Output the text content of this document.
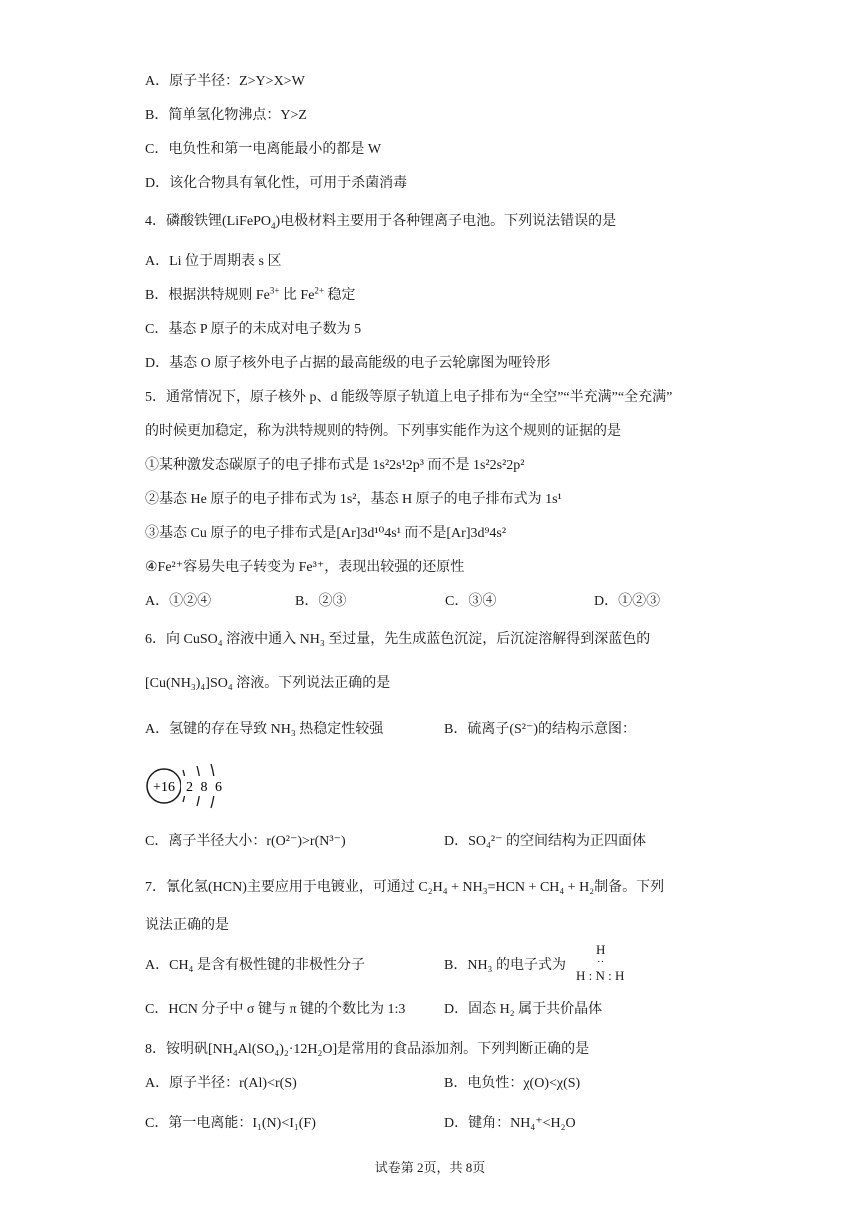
A．原子半径：Z>Y>X>W
B．简单氢化物沸点：Y>Z
C．电负性和第一电离能最小的都是 W
D．该化合物具有氧化性，可用于杀菌消毒
4．磷酸铁锂(LiFePO$_4$)电极材料主要用于各种锂离子电池。下列说法错误的是
A．Li 位于周期表 s 区
B．根据洪特规则 $Fe^{3+}$ 比 $Fe^{2+}$ 稳定
C．基态 P 原子的未成对电子数为 5
D．基态 O 原子核外电子占据的最高能级的电子云轮廓图为哑铃形
5．通常情况下，原子核外 p、d 能级等原子轨道上电子排布为“全空”“半充满”“全充满”
的时候更加稳定，称为洪特规则的特例。下列事实能作为这个规则的证据的是
①某种激发态碳原子的电子排布式是 1s²2s¹2p³ 而不是 1s²2s²2p²
②基态 He 原子的电子排布式为 1s²，基态 H 原子的电子排布式为 1s¹
③基态 Cu 原子的电子排布式是[Ar]3d¹⁰4s¹ 而不是[Ar]3d⁹4s²
④Fe²⁺容易失电子转变为 Fe³⁺，表现出较强的还原性
A．①②④	B．②③	C．③④	D．①②③
6．向 CuSO₄ 溶液中通入 NH₃ 至过量，先生成蓝色沉淀，后沉淀溶解得到深蓝色的
[Cu(NH₃)₄]SO₄ 溶液。下列说法正确的是
A．氢键的存在导致 NH₃ 热稳定性较强	B．硫离子(S²⁻)的结构示意图：
+16 2 8 6
C．离子半径大小：r(O²⁻)>r(N³⁻)	D．SO₄²⁻ 的空间结构为正四面体
7．氰化氢(HCN)主要应用于电镀业，可通过 C₂H₄ + NH₃=HCN + CH₄ + H₂制备。下列
说法正确的是
A．CH₄ 是含有极性键的非极性分子	B．NH₃ 的电子式为
H
··
H : N : H
C．HCN 分子中 σ 键与 π 键的个数比为 1:3	D．固态 H₂ 属于共价晶体
8．铵明矾[NH₄Al(SO₄)₂·12H₂O]是常用的食品添加剂。下列判断正确的是
A．原子半径：r(Al)<r(S)	B．电负性：χ(O)<χ(S)
C．第一电离能：I₁(N)<I₁(F)	D．键角：NH₄⁺<H₂O
试卷第 2页，共 8页
